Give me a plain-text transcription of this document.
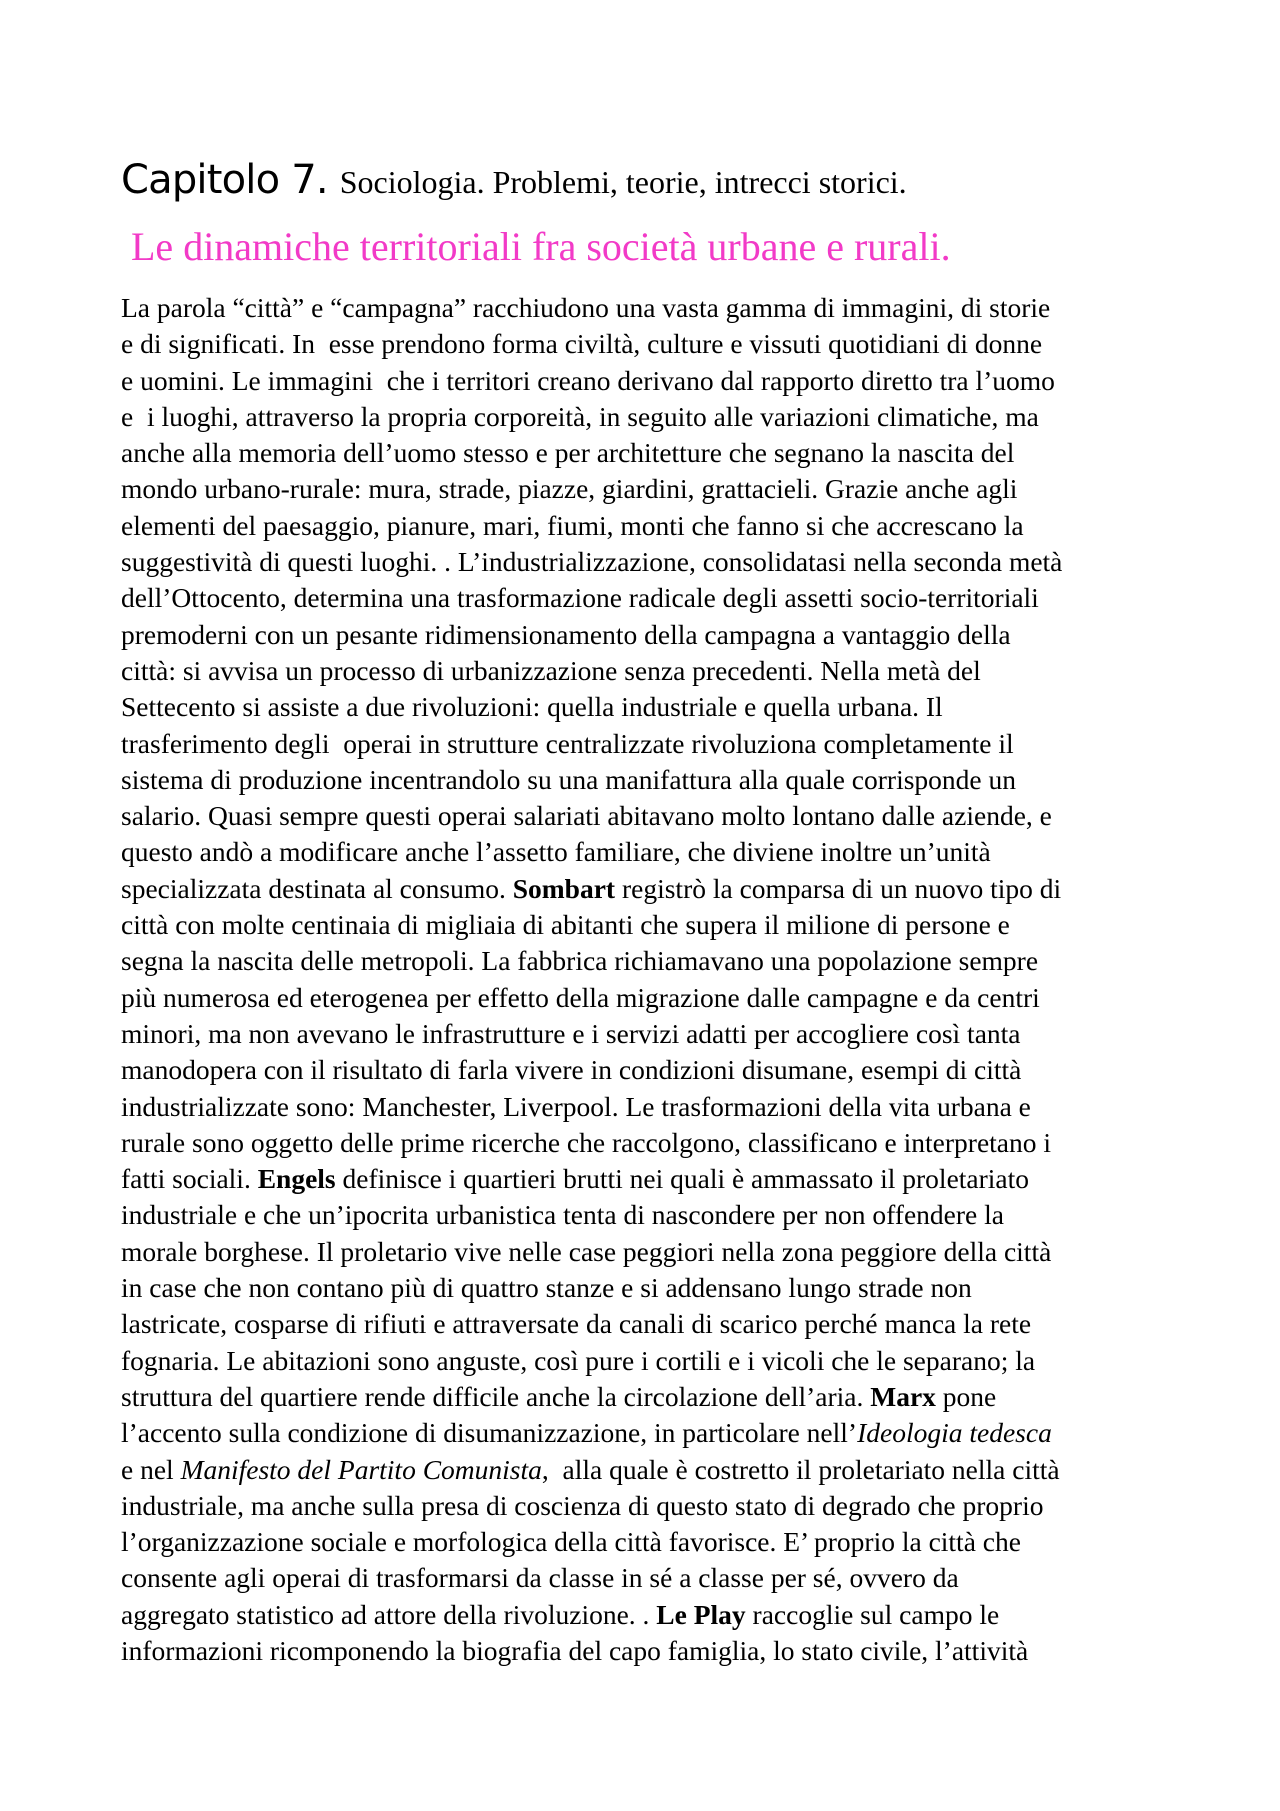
Capitolo 7. Sociologia. Problemi, teorie, intrecci storici.
Le dinamiche territoriali fra società urbane e rurali.
La parola “città” e “campagna” racchiudono una vasta gamma di immagini, di storie
e di significati. In  esse prendono forma civiltà, culture e vissuti quotidiani di donne
e uomini. Le immagini  che i territori creano derivano dal rapporto diretto tra l’uomo
e  i luoghi, attraverso la propria corporeità, in seguito alle variazioni climatiche, ma
anche alla memoria dell’uomo stesso e per architetture che segnano la nascita del
mondo urbano-rurale: mura, strade, piazze, giardini, grattacieli. Grazie anche agli
elementi del paesaggio, pianure, mari, fiumi, monti che fanno si che accrescano la
suggestività di questi luoghi. . L’industrializzazione, consolidatasi nella seconda metà
dell’Ottocento, determina una trasformazione radicale degli assetti socio-territoriali
premoderni con un pesante ridimensionamento della campagna a vantaggio della
città: si avvisa un processo di urbanizzazione senza precedenti. Nella metà del
Settecento si assiste a due rivoluzioni: quella industriale e quella urbana. Il
trasferimento degli  operai in strutture centralizzate rivoluziona completamente il
sistema di produzione incentrandolo su una manifattura alla quale corrisponde un
salario. Quasi sempre questi operai salariati abitavano molto lontano dalle aziende, e
questo andò a modificare anche l’assetto familiare, che diviene inoltre un’unità
specializzata destinata al consumo. Sombart registrò la comparsa di un nuovo tipo di
città con molte centinaia di migliaia di abitanti che supera il milione di persone e
segna la nascita delle metropoli. La fabbrica richiamavano una popolazione sempre
più numerosa ed eterogenea per effetto della migrazione dalle campagne e da centri
minori, ma non avevano le infrastrutture e i servizi adatti per accogliere così tanta
manodopera con il risultato di farla vivere in condizioni disumane, esempi di città
industrializzate sono: Manchester, Liverpool. Le trasformazioni della vita urbana e
rurale sono oggetto delle prime ricerche che raccolgono, classificano e interpretano i
fatti sociali. Engels definisce i quartieri brutti nei quali è ammassato il proletariato
industriale e che un’ipocrita urbanistica tenta di nascondere per non offendere la
morale borghese. Il proletario vive nelle case peggiori nella zona peggiore della città
in case che non contano più di quattro stanze e si addensano lungo strade non
lastricate, cosparse di rifiuti e attraversate da canali di scarico perché manca la rete
fognaria. Le abitazioni sono anguste, così pure i cortili e i vicoli che le separano; la
struttura del quartiere rende difficile anche la circolazione dell’aria. Marx pone
l’accento sulla condizione di disumanizzazione, in particolare nell’Ideologia tedesca
e nel Manifesto del Partito Comunista,  alla quale è costretto il proletariato nella città
industriale, ma anche sulla presa di coscienza di questo stato di degrado che proprio
l’organizzazione sociale e morfologica della città favorisce. E’ proprio la città che
consente agli operai di trasformarsi da classe in sé a classe per sé, ovvero da
aggregato statistico ad attore della rivoluzione. . Le Play raccoglie sul campo le
informazioni ricomponendo la biografia del capo famiglia, lo stato civile, l’attività
